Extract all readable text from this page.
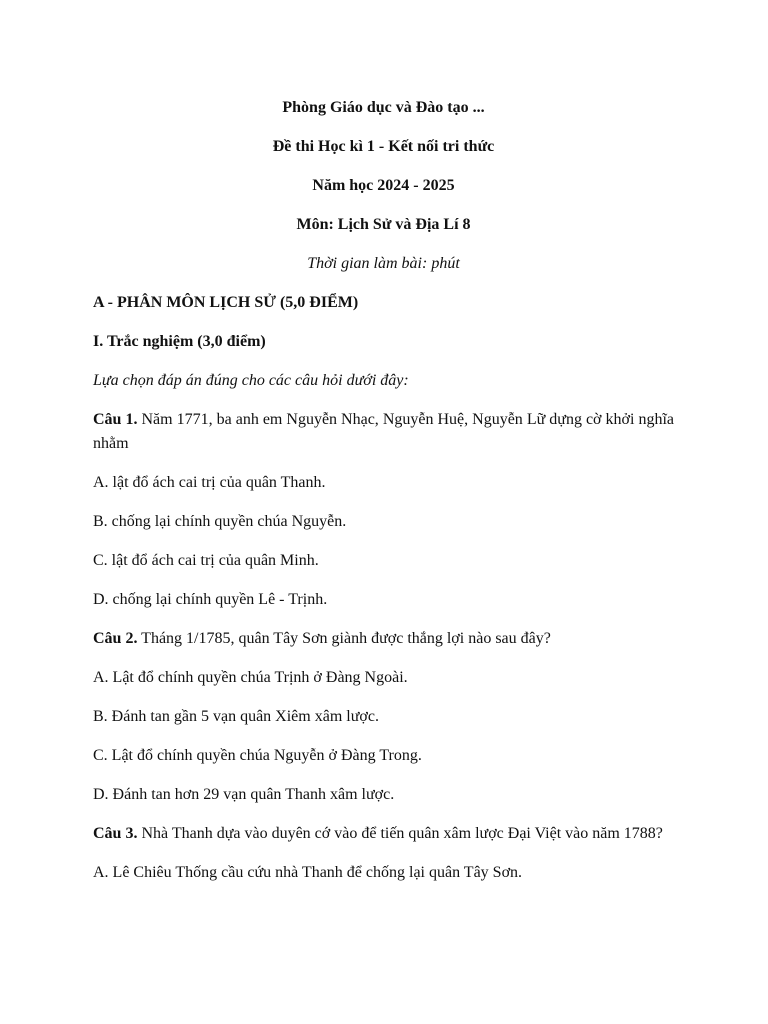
Phòng Giáo dục và Đào tạo ...

Đề thi Học kì 1 - Kết nối tri thức

Năm học 2024 - 2025

Môn: Lịch Sử và Địa Lí 8

Thời gian làm bài: phút

A - PHÂN MÔN LỊCH SỬ (5,0 ĐIỂM)

I. Trắc nghiệm (3,0 điểm)

Lựa chọn đáp án đúng cho các câu hỏi dưới đây:

Câu 1. Năm 1771, ba anh em Nguyễn Nhạc, Nguyễn Huệ, Nguyễn Lữ dựng cờ khởi nghĩa nhằm

A. lật đổ ách cai trị của quân Thanh.

B. chống lại chính quyền chúa Nguyễn.

C. lật đổ ách cai trị của quân Minh.

D. chống lại chính quyền Lê - Trịnh.

Câu 2. Tháng 1/1785, quân Tây Sơn giành được thắng lợi nào sau đây?

A. Lật đổ chính quyền chúa Trịnh ở Đàng Ngoài.

B. Đánh tan gần 5 vạn quân Xiêm xâm lược.

C. Lật đổ chính quyền chúa Nguyễn ở Đàng Trong.

D. Đánh tan hơn 29 vạn quân Thanh xâm lược.

Câu 3. Nhà Thanh dựa vào duyên cớ vào để tiến quân xâm lược Đại Việt vào năm 1788?

A. Lê Chiêu Thống cầu cứu nhà Thanh để chống lại quân Tây Sơn.
